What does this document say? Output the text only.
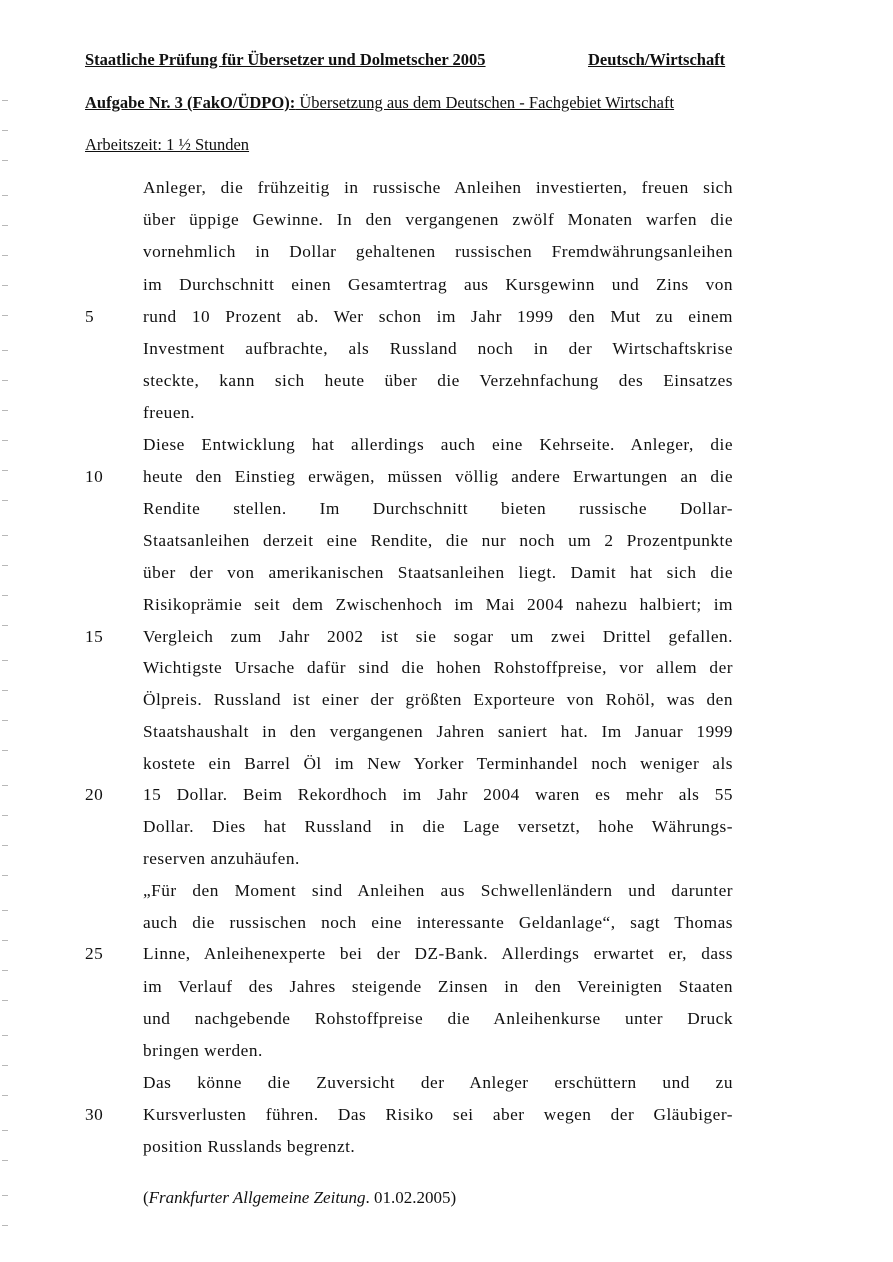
Staatliche Prüfung für Übersetzer und Dolmetscher 2005	Deutsch/Wirtschaft
Aufgabe Nr. 3 (FakO/ÜDPO): Übersetzung aus dem Deutschen - Fachgebiet Wirtschaft
Arbeitszeit: 1 ½ Stunden
5
10
15
20
25
30
Anleger, die frühzeitig in russische Anleihen investierten, freuen sich
über üppige Gewinne. In den vergangenen zwölf Monaten warfen die
vornehmlich in Dollar gehaltenen russischen Fremdwährungsanleihen
im Durchschnitt einen Gesamtertrag aus Kursgewinn und Zins von
rund 10 Prozent ab. Wer schon im Jahr 1999 den Mut zu einem
Investment aufbrachte, als Russland noch in der Wirtschaftskrise
steckte, kann sich heute über die Verzehnfachung des Einsatzes
freuen.
Diese Entwicklung hat allerdings auch eine Kehrseite. Anleger, die
heute den Einstieg erwägen, müssen völlig andere Erwartungen an die
Rendite stellen. Im Durchschnitt bieten russische Dollar-
Staatsanleihen derzeit eine Rendite, die nur noch um 2 Prozentpunkte
über der von amerikanischen Staatsanleihen liegt. Damit hat sich die
Risikoprämie seit dem Zwischenhoch im Mai 2004 nahezu halbiert; im
Vergleich zum Jahr 2002 ist sie sogar um zwei Drittel gefallen.
Wichtigste Ursache dafür sind die hohen Rohstoffpreise, vor allem der
Ölpreis. Russland ist einer der größten Exporteure von Rohöl, was den
Staatshaushalt in den vergangenen Jahren saniert hat. Im Januar 1999
kostete ein Barrel Öl im New Yorker Terminhandel noch weniger als
15 Dollar. Beim Rekordhoch im Jahr 2004 waren es mehr als 55
Dollar. Dies hat Russland in die Lage versetzt, hohe Währungs-
reserven anzuhäufen.
„Für den Moment sind Anleihen aus Schwellenländern und darunter
auch die russischen noch eine interessante Geldanlage“, sagt Thomas
Linne, Anleihenexperte bei der DZ-Bank. Allerdings erwartet er, dass
im Verlauf des Jahres steigende Zinsen in den Vereinigten Staaten
und nachgebende Rohstoffpreise die Anleihenkurse unter Druck
bringen werden.
Das könne die Zuversicht der Anleger erschüttern und zu
Kursverlusten führen. Das Risiko sei aber wegen der Gläubiger-
position Russlands begrenzt.
(Frankfurter Allgemeine Zeitung. 01.02.2005)
